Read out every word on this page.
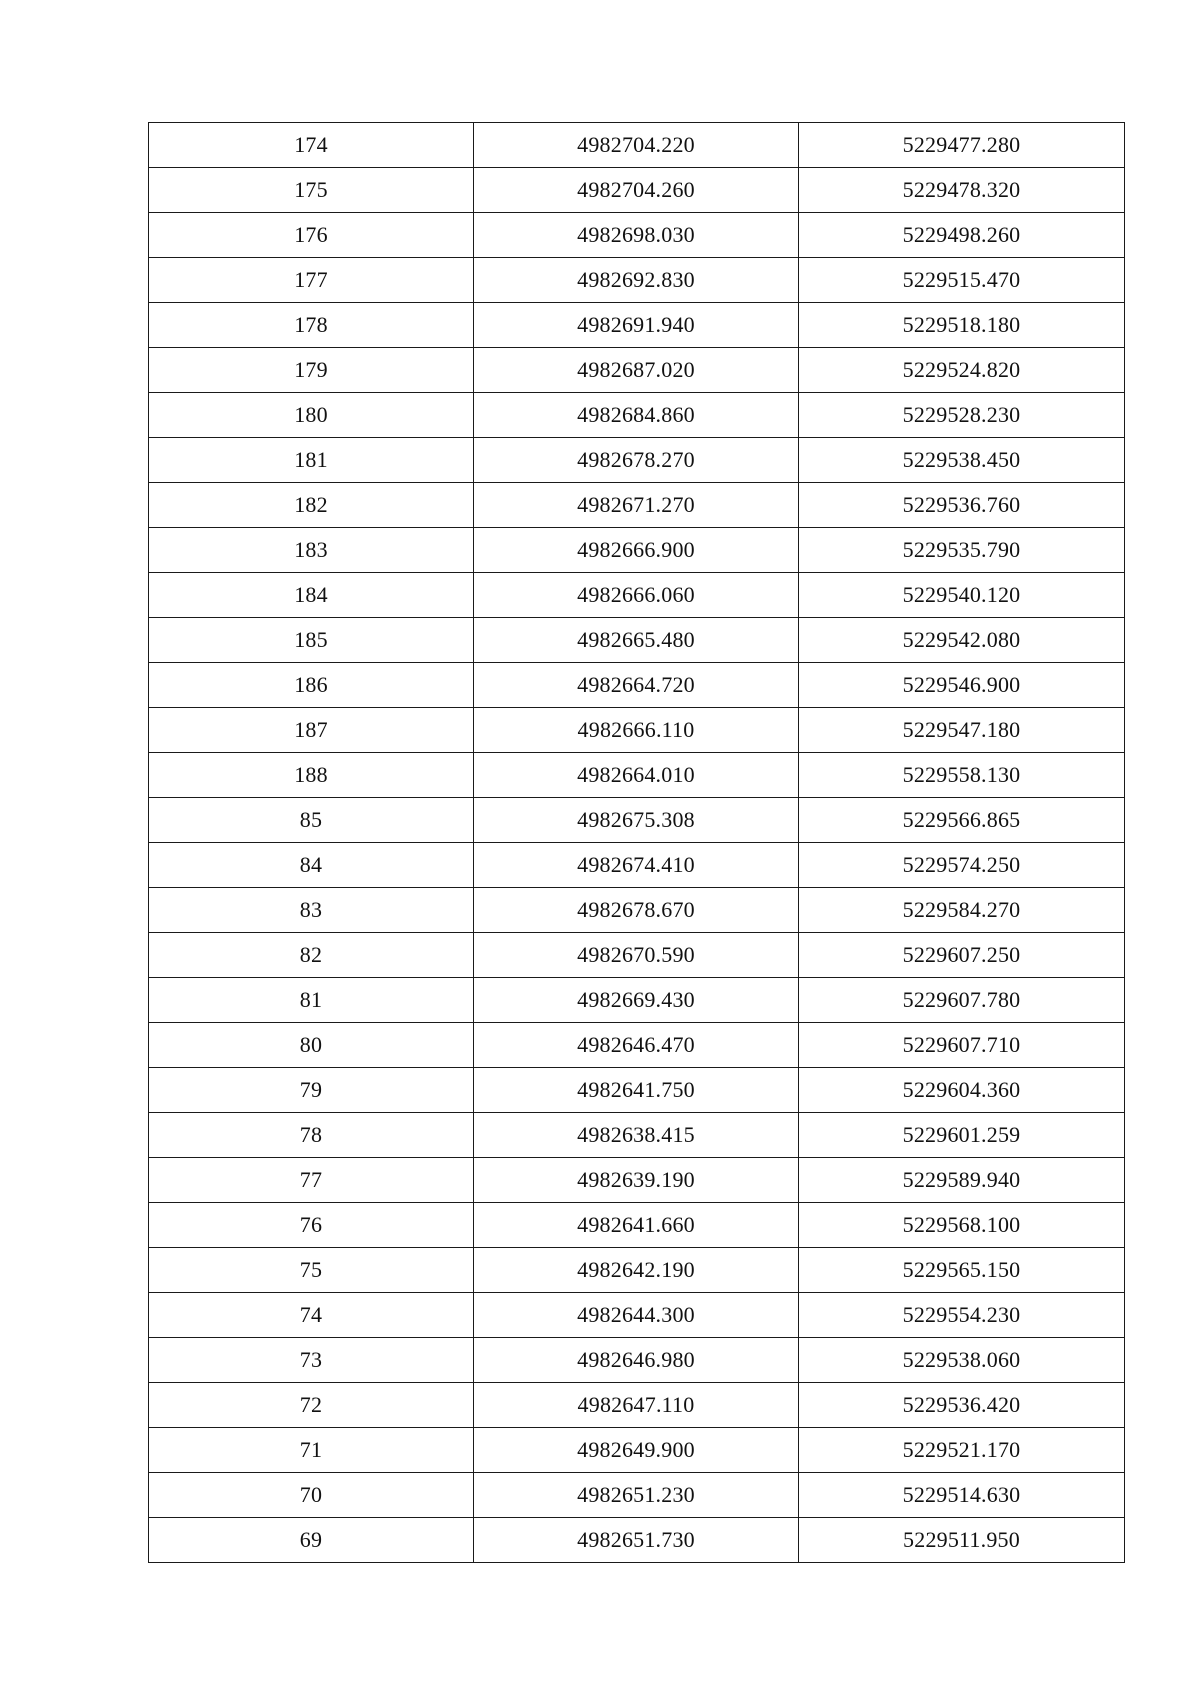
174	4982704.220	5229477.280
175	4982704.260	5229478.320
176	4982698.030	5229498.260
177	4982692.830	5229515.470
178	4982691.940	5229518.180
179	4982687.020	5229524.820
180	4982684.860	5229528.230
181	4982678.270	5229538.450
182	4982671.270	5229536.760
183	4982666.900	5229535.790
184	4982666.060	5229540.120
185	4982665.480	5229542.080
186	4982664.720	5229546.900
187	4982666.110	5229547.180
188	4982664.010	5229558.130
85	4982675.308	5229566.865
84	4982674.410	5229574.250
83	4982678.670	5229584.270
82	4982670.590	5229607.250
81	4982669.430	5229607.780
80	4982646.470	5229607.710
79	4982641.750	5229604.360
78	4982638.415	5229601.259
77	4982639.190	5229589.940
76	4982641.660	5229568.100
75	4982642.190	5229565.150
74	4982644.300	5229554.230
73	4982646.980	5229538.060
72	4982647.110	5229536.420
71	4982649.900	5229521.170
70	4982651.230	5229514.630
69	4982651.730	5229511.950
